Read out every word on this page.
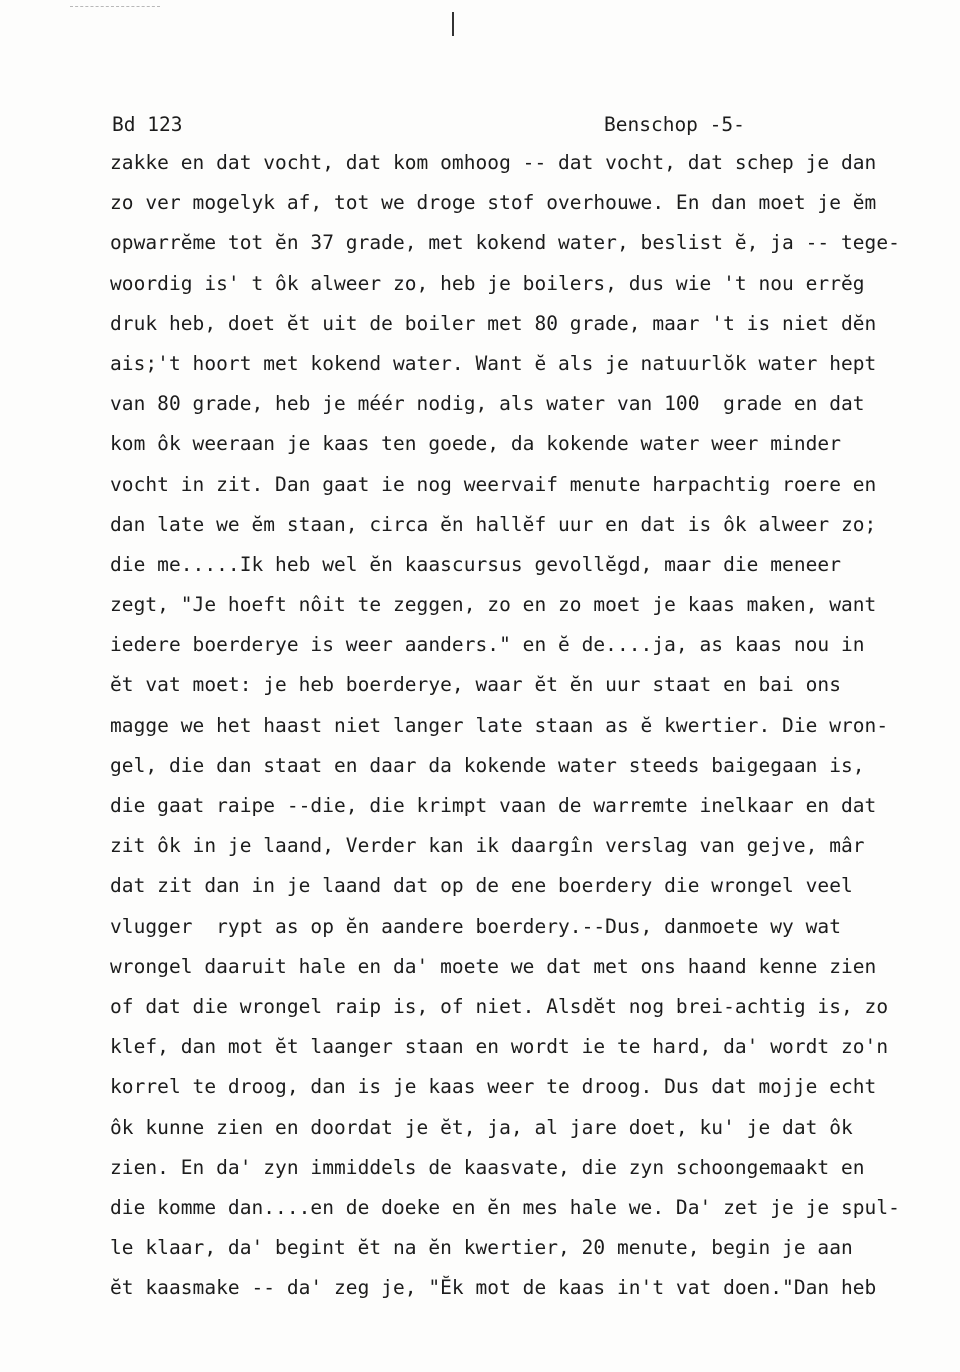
Bd 123	Benschop -5-
zakke en dat vocht, dat kom omhoog -- dat vocht, dat schep je dan
zo ver mogelyk af, tot we droge stof overhouwe. En dan moet je ĕm
opwarrĕme tot ĕn 37 grade, met kokend water, beslist ĕ, ja -- tege-
woordig is' t ôk alweer zo, heb je boilers, dus wie 't nou errĕg
druk heb, doet ĕt uit de boiler met 80 grade, maar 't is niet dĕn
ais;'t hoort met kokend water. Want ĕ als je natuurlŏk water hept
van 80 grade, heb je méér nodig, als water van 100  grade en dat
kom ôk weeraan je kaas ten goede, da kokende water weer minder
vocht in zit. Dan gaat ie nog weervaif menute harpachtig roere en
dan late we ĕm staan, circa ĕn hallĕf uur en dat is ôk alweer zo;
die me.....Ik heb wel ĕn kaascursus gevollĕgd, maar die meneer
zegt, "Je hoeft nôit te zeggen, zo en zo moet je kaas maken, want
iedere boerderye is weer aanders." en ĕ de....ja, as kaas nou in
ĕt vat moet: je heb boerderye, waar ĕt ĕn uur staat en bai ons
magge we het haast niet langer late staan as ĕ kwertier. Die wron-
gel, die dan staat en daar da kokende water steeds baigegaan is,
die gaat raipe --die, die krimpt vaan de warremte inelkaar en dat
zit ôk in je laand, Verder kan ik daargîn verslag van gejve, mâr
dat zit dan in je laand dat op de ene boerdery die wrongel veel
vlugger  rypt as op ĕn aandere boerdery.--Dus, danmoete wy wat
wrongel daaruit hale en da' moete we dat met ons haand kenne zien
of dat die wrongel raip is, of niet. Alsdĕt nog brei-achtig is, zo
klef, dan mot ĕt laanger staan en wordt ie te hard, da' wordt zo'n
korrel te droog, dan is je kaas weer te droog. Dus dat mojje echt
ôk kunne zien en doordat je ĕt, ja, al jare doet, ku' je dat ôk
zien. En da' zyn immiddels de kaasvate, die zyn schoongemaakt en
die komme dan....en de doeke en ĕn mes hale we. Da' zet je je spul-
le klaar, da' begint ĕt na ĕn kwertier, 20 menute, begin je aan
ĕt kaasmake -- da' zeg je, "Ĕk mot de kaas in't vat doen."Dan heb
